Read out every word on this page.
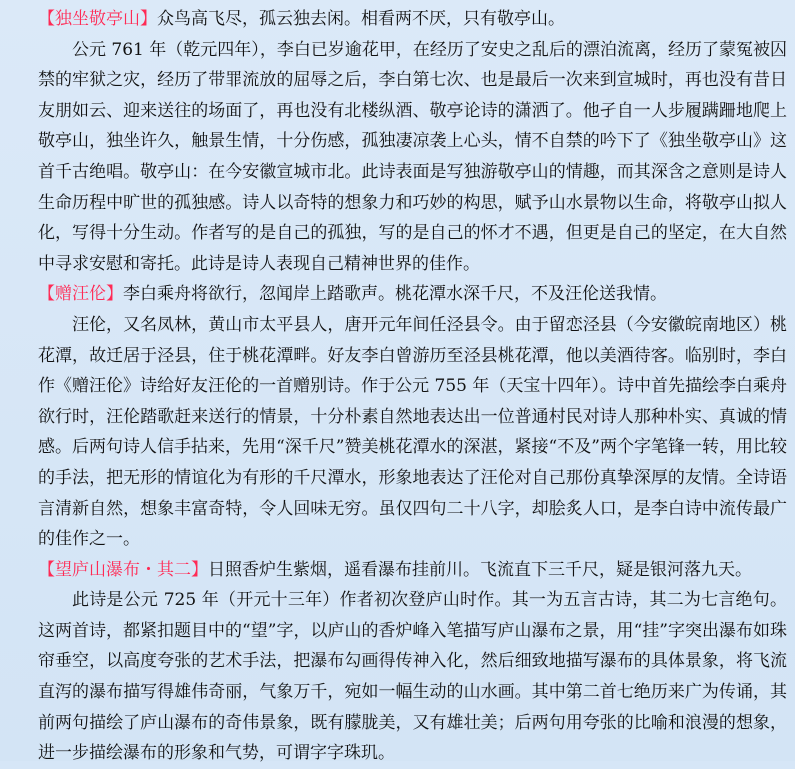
【独坐敬亭山】众鸟高飞尽，孤云独去闲。相看两不厌，只有敬亭山。

公元 761 年（乾元四年），李白已岁逾花甲，在经历了安史之乱后的漂泊流离，经历了蒙冤被囚禁的牢狱之灾，经历了带罪流放的屈辱之后，李白第七次、也是最后一次来到宣城时，再也没有昔日友朋如云、迎来送往的场面了，再也没有北楼纵酒、敬亭论诗的潇洒了。他孑自一人步履蹒跚地爬上敬亭山，独坐许久，触景生情，十分伤感，孤独凄凉袭上心头，情不自禁的吟下了《独坐敬亭山》这首千古绝唱。敬亭山：在今安徽宣城市北。此诗表面是写独游敬亭山的情趣，而其深含之意则是诗人生命历程中旷世的孤独感。诗人以奇特的想象力和巧妙的构思，赋予山水景物以生命，将敬亭山拟人化，写得十分生动。作者写的是自己的孤独，写的是自己的怀才不遇，但更是自己的坚定，在大自然中寻求安慰和寄托。此诗是诗人表现自己精神世界的佳作。

【赠汪伦】李白乘舟将欲行，忽闻岸上踏歌声。桃花潭水深千尺，不及汪伦送我情。

汪伦，又名凤林，黄山市太平县人，唐开元年间任泾县令。由于留恋泾县（今安徽皖南地区）桃花潭，故迁居于泾县，住于桃花潭畔。好友李白曾游历至泾县桃花潭，他以美酒待客。临别时，李白作《赠汪伦》诗给好友汪伦的一首赠别诗。作于公元 755 年（天宝十四年）。诗中首先描绘李白乘舟欲行时，汪伦踏歌赶来送行的情景，十分朴素自然地表达出一位普通村民对诗人那种朴实、真诚的情感。后两句诗人信手拈来，先用“深千尺”赞美桃花潭水的深湛，紧接“不及”两个字笔锋一转，用比较的手法，把无形的情谊化为有形的千尺潭水，形象地表达了汪伦对自己那份真挚深厚的友情。全诗语言清新自然，想象丰富奇特，令人回味无穷。虽仅四句二十八字，却脍炙人口，是李白诗中流传最广的佳作之一。

【望庐山瀑布・其二】日照香炉生紫烟，遥看瀑布挂前川。飞流直下三千尺，疑是银河落九天。

此诗是公元 725 年（开元十三年）作者初次登庐山时作。其一为五言古诗，其二为七言绝句。这两首诗，都紧扣题目中的“望”字，以庐山的香炉峰入笔描写庐山瀑布之景，用“挂”字突出瀑布如珠帘垂空，以高度夸张的艺术手法，把瀑布勾画得传神入化，然后细致地描写瀑布的具体景象，将飞流直泻的瀑布描写得雄伟奇丽，气象万千，宛如一幅生动的山水画。其中第二首七绝历来广为传诵，其前两句描绘了庐山瀑布的奇伟景象，既有朦胧美，又有雄壮美；后两句用夸张的比喻和浪漫的想象，进一步描绘瀑布的形象和气势，可谓字字珠玑。
